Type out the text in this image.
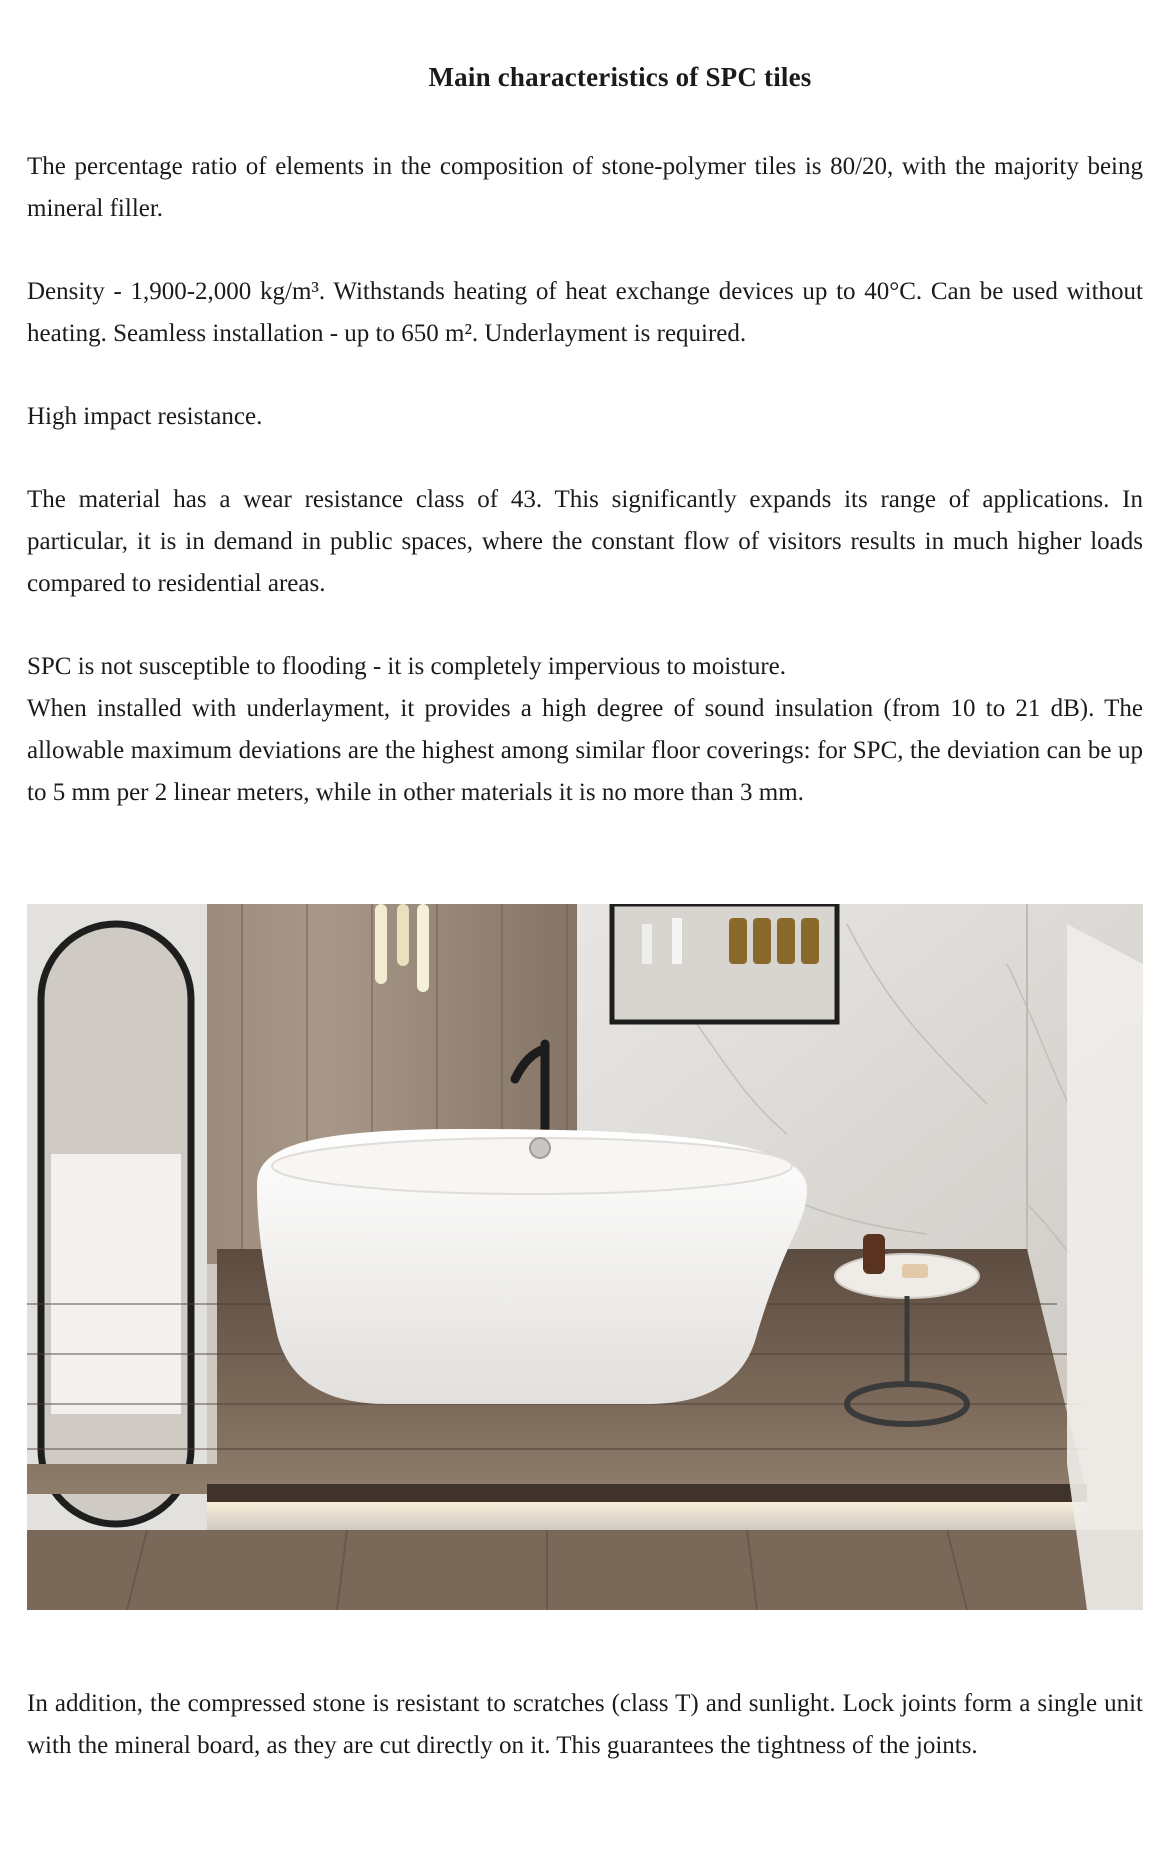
Main characteristics of SPC tiles

The percentage ratio of elements in the composition of stone-polymer tiles is 80/20, with the majority being mineral filler.

Density - 1,900-2,000 kg/m³. Withstands heating of heat exchange devices up to 40°C. Can be used without heating. Seamless installation - up to 650 m². Underlayment is required.

High impact resistance.

The material has a wear resistance class of 43. This significantly expands its range of applications. In particular, it is in demand in public spaces, where the constant flow of visitors results in much higher loads compared to residential areas.

SPC is not susceptible to flooding - it is completely impervious to moisture.
When installed with underlayment, it provides a high degree of sound insulation (from 10 to 21 dB). The allowable maximum deviations are the highest among similar floor coverings: for SPC, the deviation can be up to 5 mm per 2 linear meters, while in other materials it is no more than 3 mm.

In addition, the compressed stone is resistant to scratches (class T) and sunlight. Lock joints form a single unit with the mineral board, as they are cut directly on it. This guarantees the tightness of the joints.
